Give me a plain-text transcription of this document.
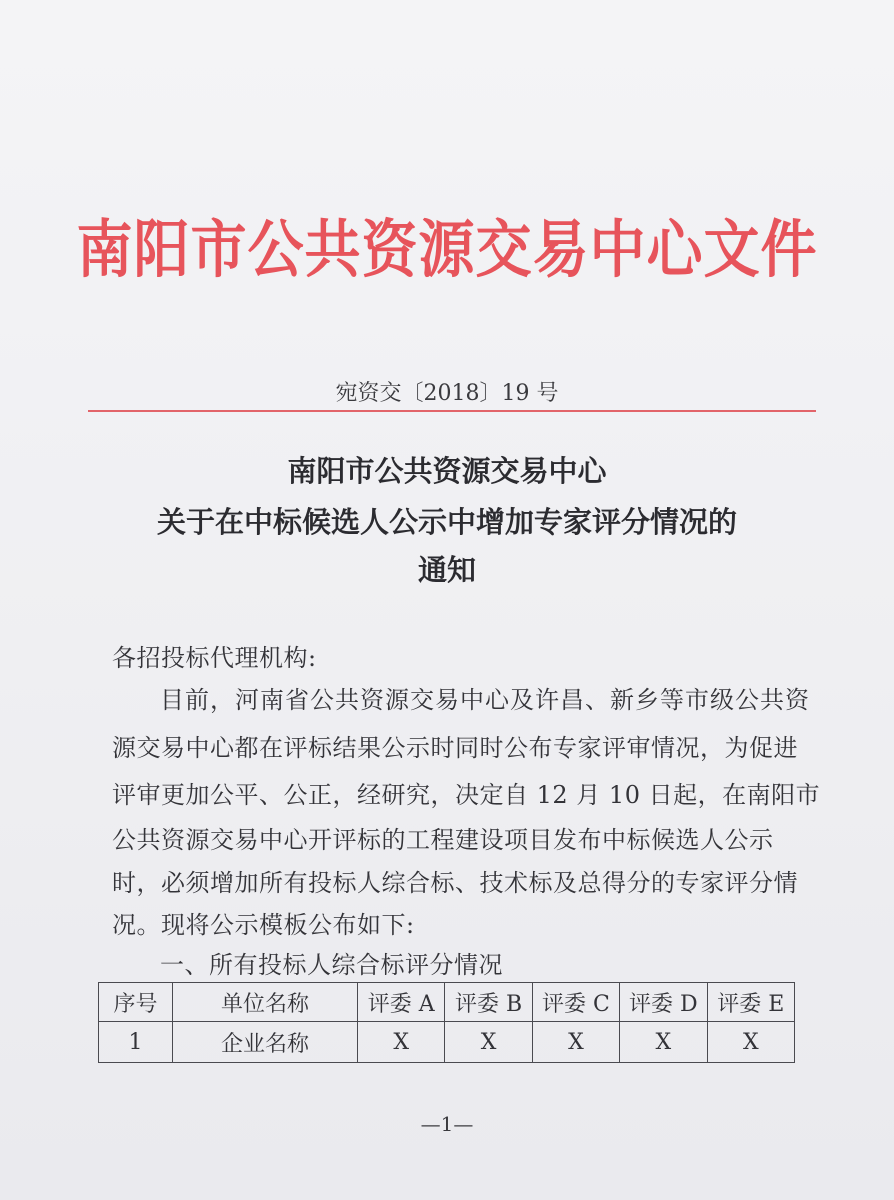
南阳市公共资源交易中心文件
宛资交〔2018〕19 号
南阳市公共资源交易中心
关于在中标候选人公示中增加专家评分情况的
通知
各招投标代理机构:
目前，河南省公共资源交易中心及许昌、新乡等市级公共资
源交易中心都在评标结果公示时同时公布专家评审情况，为促进
评审更加公平、公正，经研究，决定自 12 月 10 日起，在南阳市
公共资源交易中心开评标的工程建设项目发布中标候选人公示
时，必须增加所有投标人综合标、技术标及总得分的专家评分情
况。现将公示模板公布如下:
一、所有投标人综合标评分情况
序号	单位名称	评委 A	评委 B	评委 C	评委 D	评委 E
1	企业名称	X	X	X	X	X
—1—
